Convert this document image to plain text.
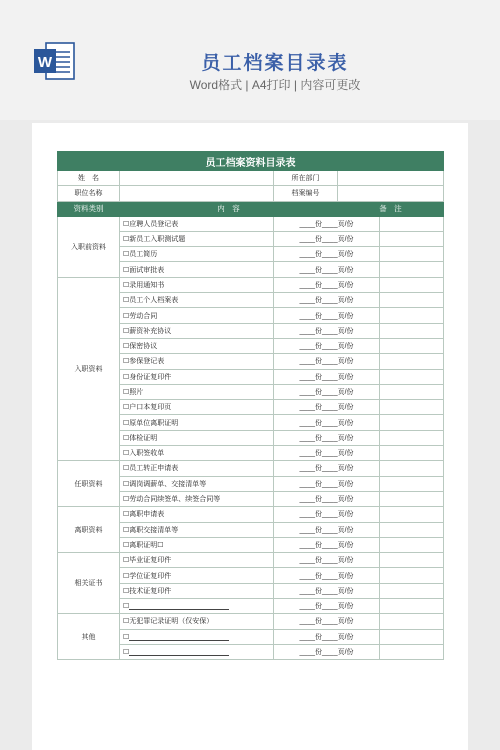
W	员工档案目录表
Word格式 | A4打印 | 内容可更改
员工档案资料目录表				
姓　名		所在部门		
职位名称		档案编号		
资料类别	内　容		备　注	
入职前资料	☐应聘人员登记表	____份____页/份		
	☐新员工入职测试题	____份____页/份		
	☐员工简历	____份____页/份		
	☐面试审批表	____份____页/份		
入职资料	☐录用通知书	____份____页/份		
	☐员工个人档案表	____份____页/份		
	☐劳动合同	____份____页/份		
	☐薪资补充协议	____份____页/份		
	☐保密协议	____份____页/份		
	☐参保登记表	____份____页/份		
	☐身份证复印件	____份____页/份		
	☐照片	____份____页/份		
	☐户口本复印页	____份____页/份		
	☐原单位离职证明	____份____页/份		
	☐体检证明	____份____页/份		
	☐入职签收单	____份____页/份		
任职资料	☐员工转正申请表	____份____页/份		
	☐调岗调薪单、交接清单等	____份____页/份		
	☐劳动合同续签单、续签合同等	____份____页/份		
离职资料	☐离职申请表	____份____页/份		
	☐离职交接清单等	____份____页/份		
	☐离职证明☐	____份____页/份		
相关证书	☐毕业证复印件	____份____页/份		
	☐学位证复印件	____份____页/份		
	☐技术证复印件	____份____页/份		
	☐	____份____页/份		
其他	☐无犯罪记录证明（仅安保）	____份____页/份		
	☐	____份____页/份		
	☐	____份____页/份		
